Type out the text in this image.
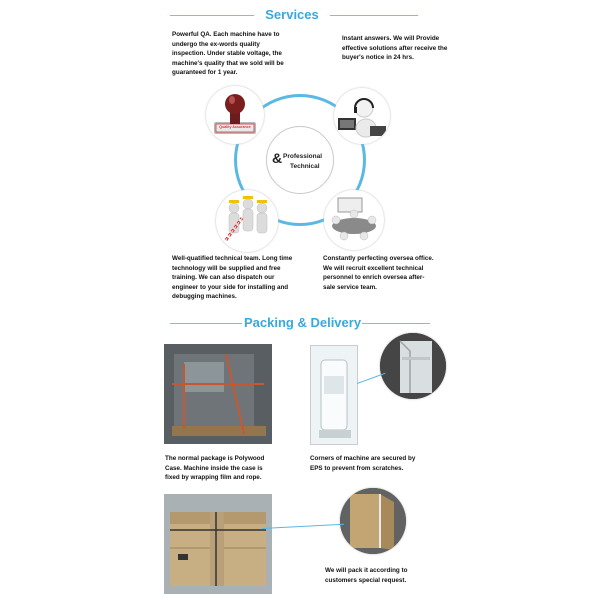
Services
Powerful QA. Each machine have to undergo the ex-words quality inspection. Under stable voltage, the machine's quality that we sold will be guaranteed for 1 year.
Instant answers. We will Provide effective solutions after receive the buyer's notice in 24 hrs.
Well-quatified technical team. Long time technology will be supplied and free training. We can also dispatch our engineer to your side for installing and debugging machines.
Constantly perfecting oversea office. We will recruit excellent technical personnel to enrich oversea after-sale service team.
& Professional
Technical
Quality Assurance
Packing & Delivery
The normal package is Polywood Case. Machine inside the case is fixed by wrapping film and rope.
Corners of machine are secured by EPS to prevent from scratches.
We will pack it according to customers special request.
